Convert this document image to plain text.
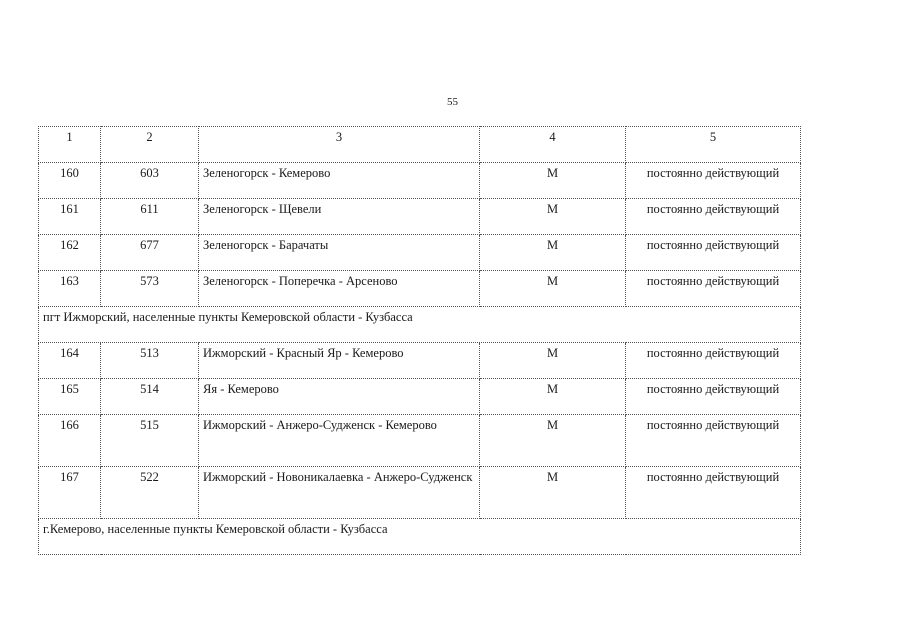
55
1	2	3	4	5
160	603	Зеленогорск - Кемерово	М	постоянно действующий
161	611	Зеленогорск - Щевели	М	постоянно действующий
162	677	Зеленогорск - Барачаты	М	постоянно действующий
163	573	Зеленогорск - Поперечка - Арсеново	М	постоянно действующий
пгт Ижморский, населенные пункты Кемеровской области - Кузбасса				
164	513	Ижморский - Красный Яр - Кемерово	М	постоянно действующий
165	514	Яя - Кемерово	М	постоянно действующий
166	515	Ижморский - Анжеро-Судженск - Кемерово	М	постоянно действующий
167	522	Ижморский - Новоникалаевка - Анжеро-Судженск	М	постоянно действующий
г.Кемерово, населенные пункты Кемеровской области - Кузбасса				
